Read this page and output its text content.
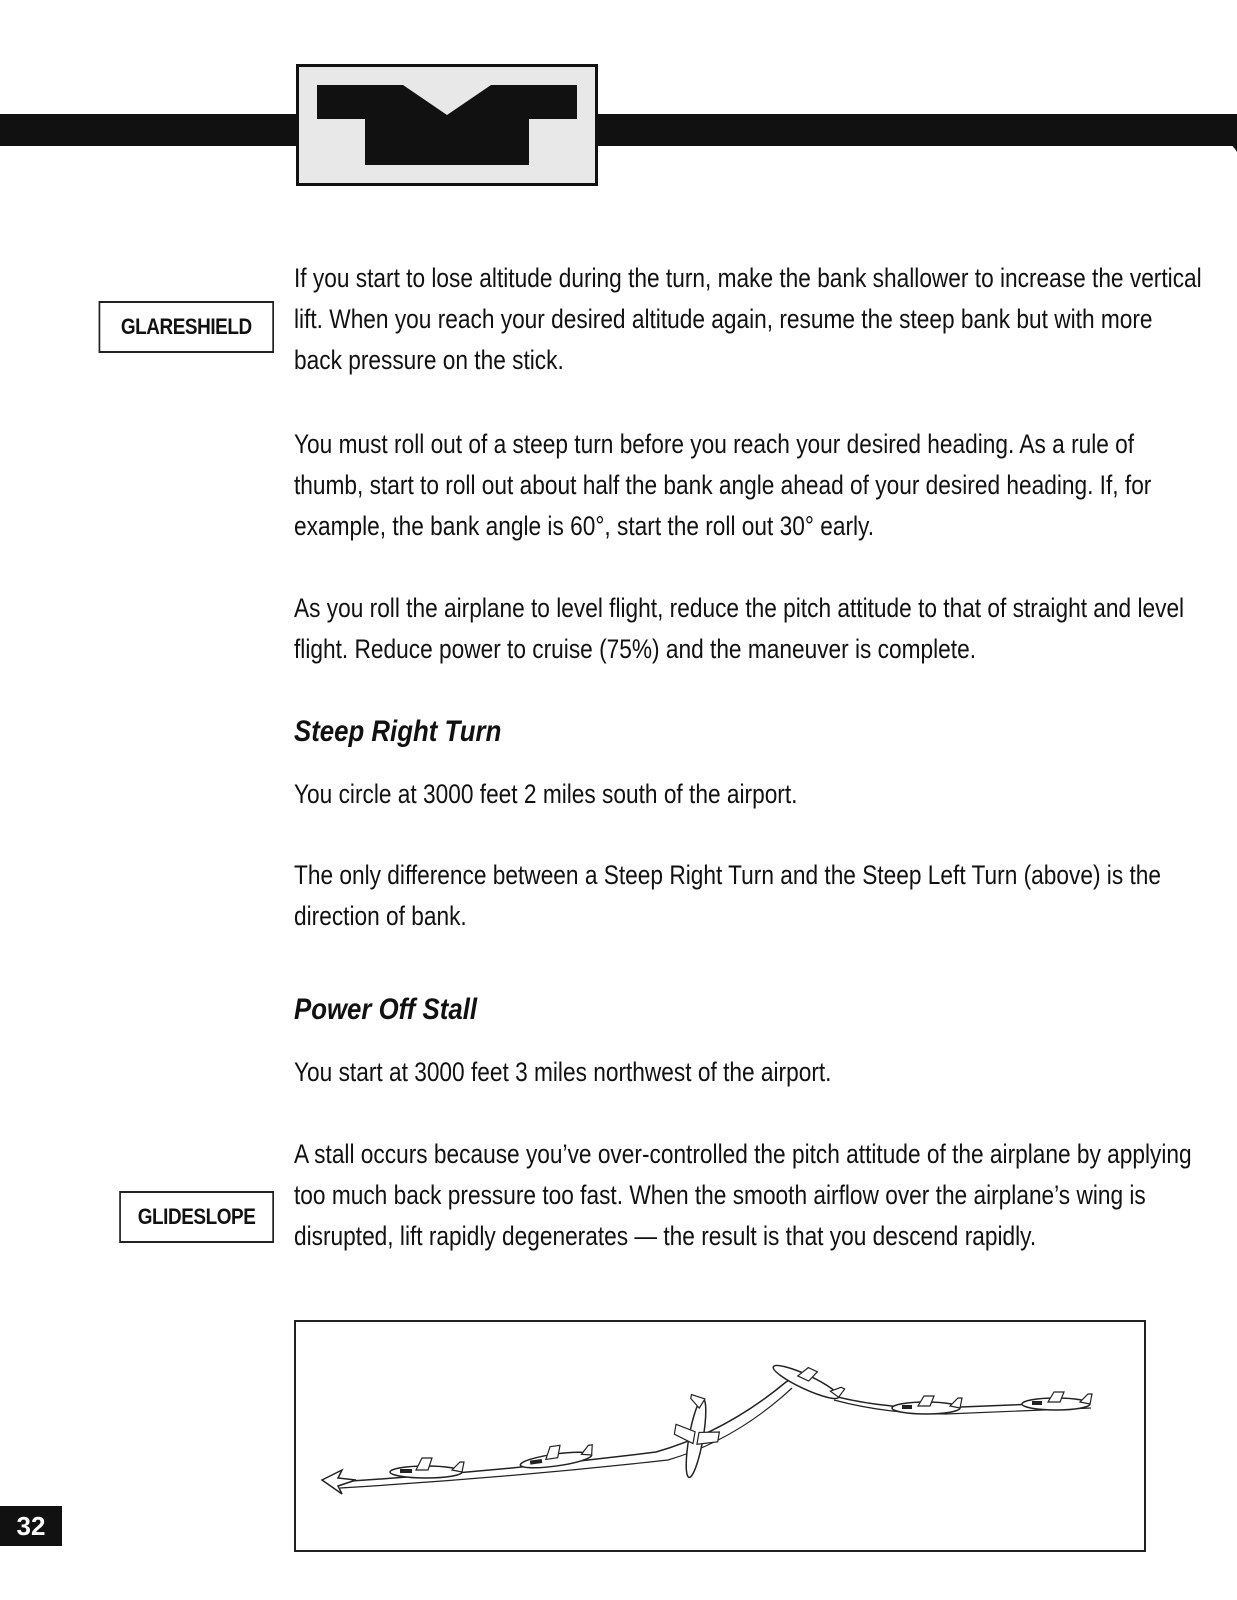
GLARESHIELD
GLIDESLOPE

If you start to lose altitude during the turn, make the bank shallower to increase the vertical lift. When you reach your desired altitude again, resume the steep bank but with more back pressure on the stick.

You must roll out of a steep turn before you reach your desired heading. As a rule of thumb, start to roll out about half the bank angle ahead of your desired heading. If, for example, the bank angle is 60°, start the roll out 30° early.

As you roll the airplane to level flight, reduce the pitch attitude to that of straight and level flight. Reduce power to cruise (75%) and the maneuver is complete.

Steep Right Turn

You circle at 3000 feet 2 miles south of the airport.

The only difference between a Steep Right Turn and the Steep Left Turn (above) is the direction of bank.

Power Off Stall

You start at 3000 feet 3 miles northwest of the airport.

A stall occurs because you’ve over-controlled the pitch attitude of the airplane by applying too much back pressure too fast. When the smooth airflow over the airplane’s wing is disrupted, lift rapidly degenerates — the result is that you descend rapidly.

32
